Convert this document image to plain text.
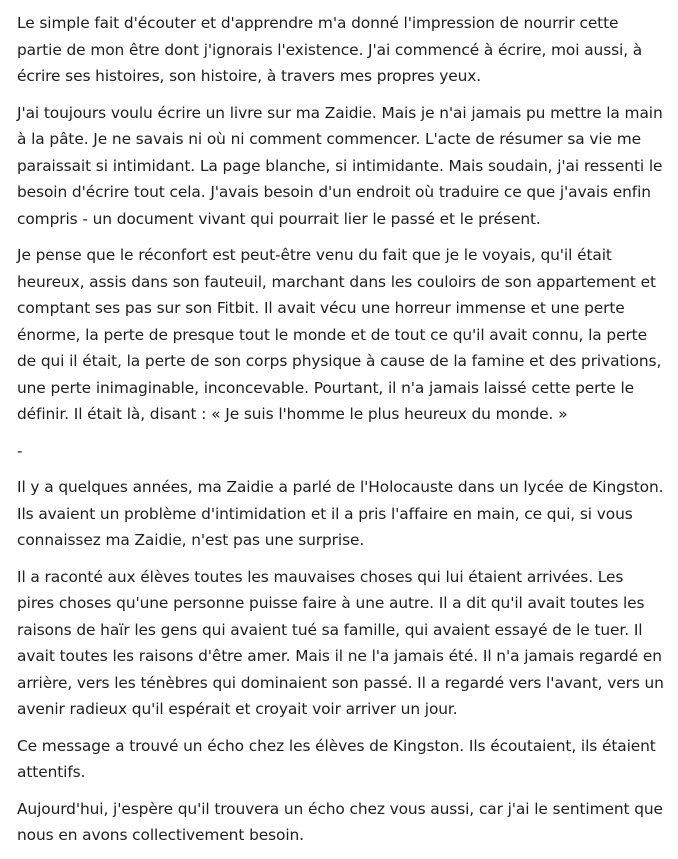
Le simple fait d'écouter et d'apprendre m'a donné l'impression de nourrir cette partie de mon être dont j'ignorais l'existence. J'ai commencé à écrire, moi aussi, à écrire ses histoires, son histoire, à travers mes propres yeux.

J'ai toujours voulu écrire un livre sur ma Zaidie. Mais je n'ai jamais pu mettre la main à la pâte. Je ne savais ni où ni comment commencer. L'acte de résumer sa vie me paraissait si intimidant. La page blanche, si intimidante. Mais soudain, j'ai ressenti le besoin d'écrire tout cela. J'avais besoin d'un endroit où traduire ce que j'avais enfin compris - un document vivant qui pourrait lier le passé et le présent.

Je pense que le réconfort est peut-être venu du fait que je le voyais, qu'il était heureux, assis dans son fauteuil, marchant dans les couloirs de son appartement et comptant ses pas sur son Fitbit. Il avait vécu une horreur immense et une perte énorme, la perte de presque tout le monde et de tout ce qu'il avait connu, la perte de qui il était, la perte de son corps physique à cause de la famine et des privations, une perte inimaginable, inconcevable. Pourtant, il n'a jamais laissé cette perte le définir. Il était là, disant : « Je suis l'homme le plus heureux du monde. »

-

Il y a quelques années, ma Zaidie a parlé de l'Holocauste dans un lycée de Kingston. Ils avaient un problème d'intimidation et il a pris l'affaire en main, ce qui, si vous connaissez ma Zaidie, n'est pas une surprise.

Il a raconté aux élèves toutes les mauvaises choses qui lui étaient arrivées. Les pires choses qu'une personne puisse faire à une autre. Il a dit qu'il avait toutes les raisons de haïr les gens qui avaient tué sa famille, qui avaient essayé de le tuer. Il avait toutes les raisons d'être amer. Mais il ne l'a jamais été. Il n'a jamais regardé en arrière, vers les ténèbres qui dominaient son passé. Il a regardé vers l'avant, vers un avenir radieux qu'il espérait et croyait voir arriver un jour.

Ce message a trouvé un écho chez les élèves de Kingston. Ils écoutaient, ils étaient attentifs.

Aujourd'hui, j'espère qu'il trouvera un écho chez vous aussi, car j'ai le sentiment que nous en avons collectivement besoin.
